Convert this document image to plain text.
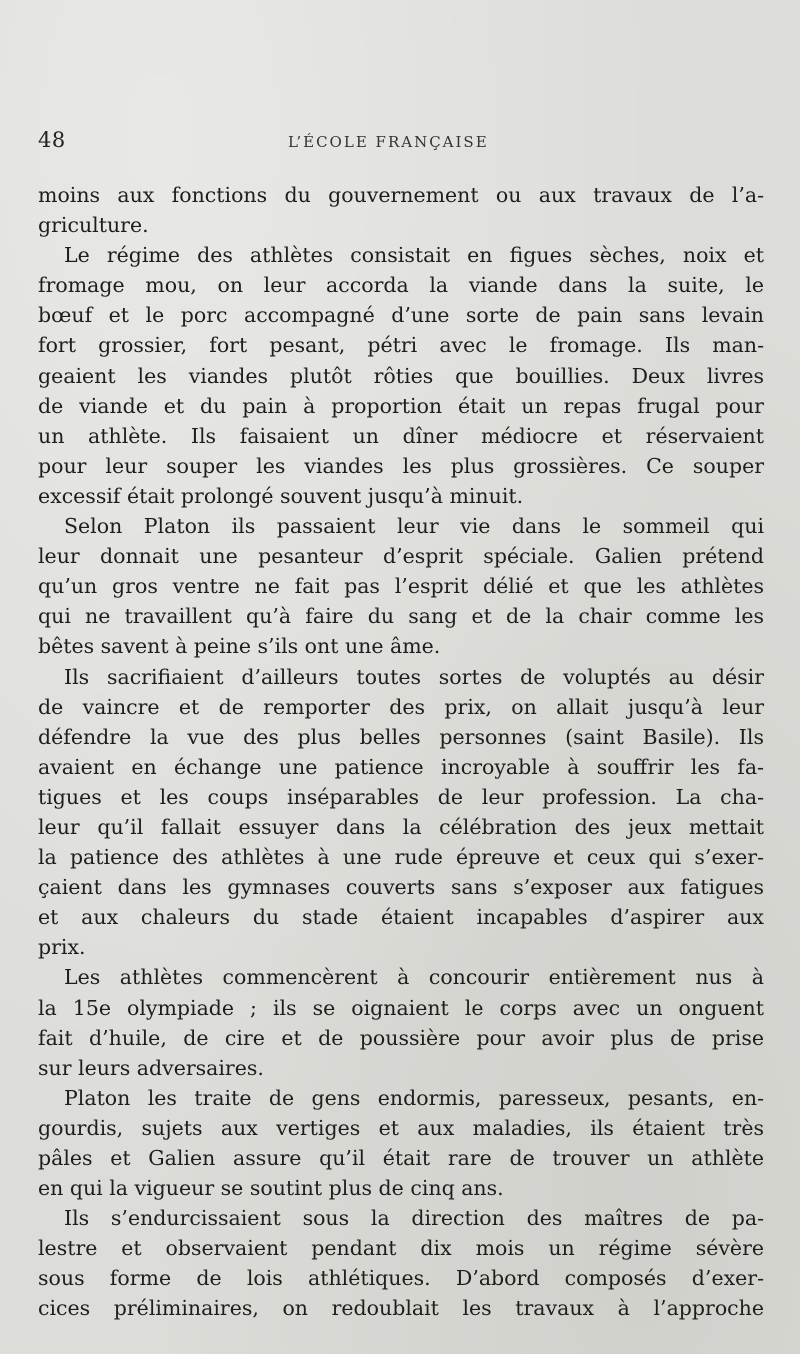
48	L’ÉCOLE FRANÇAISE
moins aux fonctions du gouvernement ou aux travaux de l’a-
griculture.
Le régime des athlètes consistait en figues sèches, noix et
fromage mou, on leur accorda la viande dans la suite, le
bœuf et le porc accompagné d’une sorte de pain sans levain
fort grossier, fort pesant, pétri avec le fromage. Ils man-
geaient les viandes plutôt rôties que bouillies. Deux livres
de viande et du pain à proportion était un repas frugal pour
un athlète. Ils faisaient un dîner médiocre et réservaient
pour leur souper les viandes les plus grossières. Ce souper
excessif était prolongé souvent jusqu’à minuit.
Selon Platon ils passaient leur vie dans le sommeil qui
leur donnait une pesanteur d’esprit spéciale. Galien prétend
qu’un gros ventre ne fait pas l’esprit délié et que les athlètes
qui ne travaillent qu’à faire du sang et de la chair comme les
bêtes savent à peine s’ils ont une âme.
Ils sacrifiaient d’ailleurs toutes sortes de voluptés au désir
de vaincre et de remporter des prix, on allait jusqu’à leur
défendre la vue des plus belles personnes (saint Basile). Ils
avaient en échange une patience incroyable à souffrir les fa-
tigues et les coups inséparables de leur profession. La cha-
leur qu’il fallait essuyer dans la célébration des jeux mettait
la patience des athlètes à une rude épreuve et ceux qui s’exer-
çaient dans les gymnases couverts sans s’exposer aux fatigues
et aux chaleurs du stade étaient incapables d’aspirer aux
prix.
Les athlètes commencèrent à concourir entièrement nus à
la 15e olympiade ; ils se oignaient le corps avec un onguent
fait d’huile, de cire et de poussière pour avoir plus de prise
sur leurs adversaires.
Platon les traite de gens endormis, paresseux, pesants, en-
gourdis, sujets aux vertiges et aux maladies, ils étaient très
pâles et Galien assure qu’il était rare de trouver un athlète
en qui la vigueur se soutint plus de cinq ans.
Ils s’endurcissaient sous la direction des maîtres de pa-
lestre et observaient pendant dix mois un régime sévère
sous forme de lois athlétiques. D’abord composés d’exer-
cices préliminaires, on redoublait les travaux à l’approche
